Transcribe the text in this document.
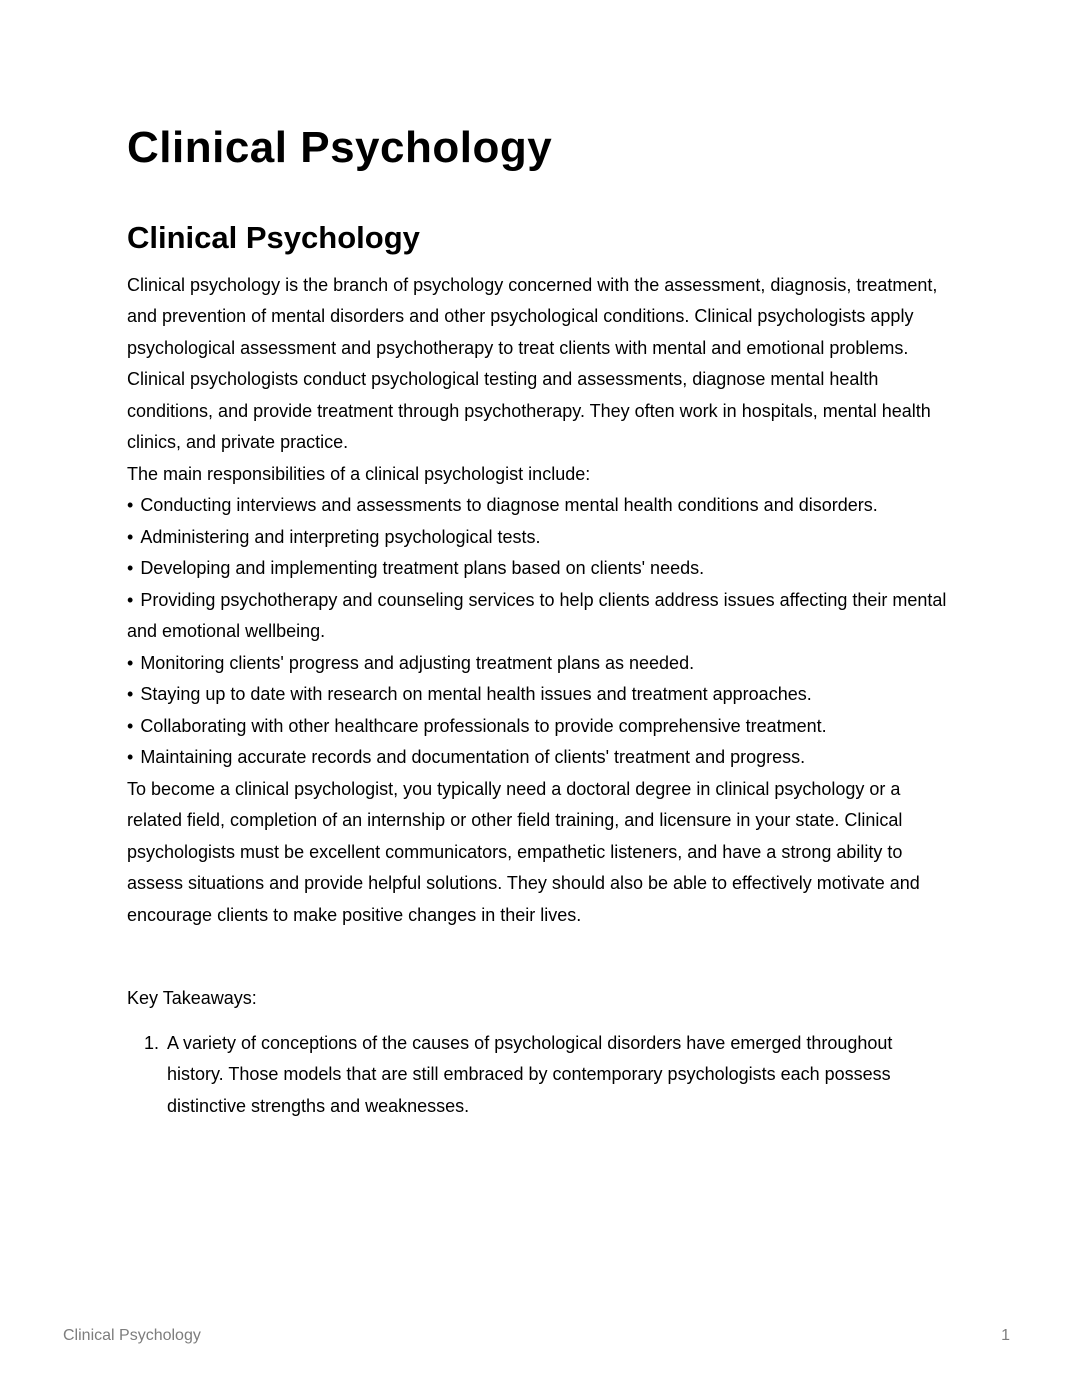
Clinical Psychology
Clinical Psychology

Clinical psychology is the branch of psychology concerned with the assessment, diagnosis, treatment, and prevention of mental disorders and other psychological conditions. Clinical psychologists apply psychological assessment and psychotherapy to treat clients with mental and emotional problems.

Clinical psychologists conduct psychological testing and assessments, diagnose mental health conditions, and provide treatment through psychotherapy. They often work in hospitals, mental health clinics, and private practice.

The main responsibilities of a clinical psychologist include:

• Conducting interviews and assessments to diagnose mental health conditions and disorders.

• Administering and interpreting psychological tests.

• Developing and implementing treatment plans based on clients' needs.

• Providing psychotherapy and counseling services to help clients address issues affecting their mental and emotional wellbeing.

• Monitoring clients' progress and adjusting treatment plans as needed.

• Staying up to date with research on mental health issues and treatment approaches.

• Collaborating with other healthcare professionals to provide comprehensive treatment.

• Maintaining accurate records and documentation of clients' treatment and progress.

To become a clinical psychologist, you typically need a doctoral degree in clinical psychology or a related field, completion of an internship or other field training, and licensure in your state. Clinical psychologists must be excellent communicators, empathetic listeners, and have a strong ability to assess situations and provide helpful solutions. They should also be able to effectively motivate and encourage clients to make positive changes in their lives.

Key Takeaways:
1. A variety of conceptions of the causes of psychological disorders have emerged throughout history. Those models that are still embraced by contemporary psychologists each possess distinctive strengths and weaknesses.
Clinical Psychology	1
